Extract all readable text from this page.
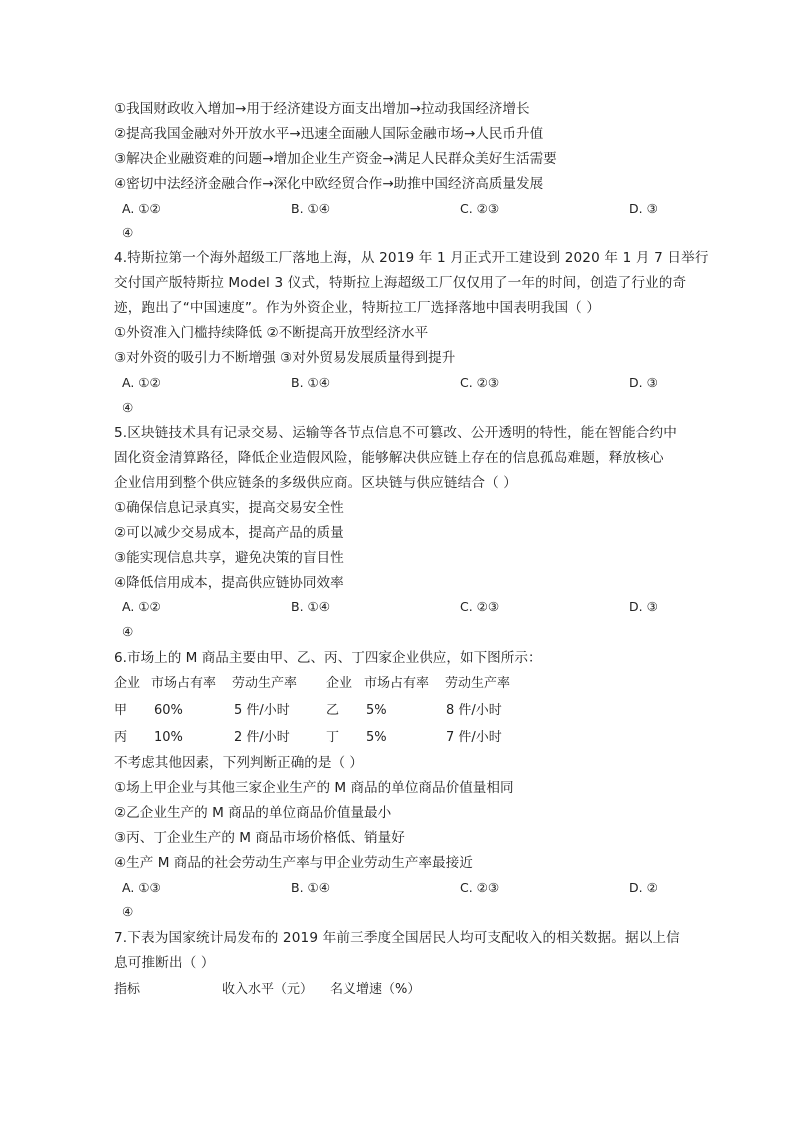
①我国财政收入增加→用于经济建设方面支出增加→拉动我国经济增长
②提高我国金融对外开放水平→迅速全面融人国际金融市场→人民币升值
③解决企业融资难的问题→增加企业生产资金→满足人民群众美好生活需要
④密切中法经济金融合作→深化中欧经贸合作→助推中国经济高质量发展
A. ①②	B. ①④	C. ②③	D. ③
④
4.特斯拉第一个海外超级工厂落地上海，从 2019 年 1 月正式开工建设到 2020 年 1 月 7 日举行
交付国产版特斯拉 Model 3 仪式，特斯拉上海超级工厂仅仅用了一年的时间，创造了行业的奇
迹，跑出了“中国速度”。作为外资企业，特斯拉工厂选择落地中国表明我国（ ）
①外资准入门槛持续降低 ②不断提高开放型经济水平
③对外资的吸引力不断增强 ③对外贸易发展质量得到提升
A. ①②	B. ①④	C. ②③	D. ③
④
5.区块链技术具有记录交易、运输等各节点信息不可篡改、公开透明的特性，能在智能合约中
固化资金清算路径，降低企业造假风险，能够解决供应链上存在的信息孤岛难题，释放核心
企业信用到整个供应链条的多级供应商。区块链与供应链结合（ ）
①确保信息记录真实，提高交易安全性
②可以减少交易成本，提高产品的质量
③能实现信息共享，避免决策的盲目性
④降低信用成本，提高供应链协同效率
A. ①②	B. ①④	C. ②③	D. ③
④
6.市场上的 M 商品主要由甲、乙、丙、丁四家企业供应，如下图所示：
企业 市场占有率 劳动生产率 企业 市场占有率 劳动生产率
甲 60%	5 件/小时	乙 5%	8 件/小时
丙 10%	2 件/小时	丁 5%	7 件/小时
不考虑其他因素，下列判断正确的是（ ）
①场上甲企业与其他三家企业生产的 M 商品的单位商品价值量相同
②乙企业生产的 M 商品的单位商品价值量最小
③丙、丁企业生产的 M 商品市场价格低、销量好
④生产 M 商品的社会劳动生产率与甲企业劳动生产率最接近
A. ①③	B. ①④	C. ②③	D. ②
④
7.下表为国家统计局发布的 2019 年前三季度全国居民人均可支配收入的相关数据。据以上信
息可推断出（ ）
指标	收入水平（元） 名义增速（%）
